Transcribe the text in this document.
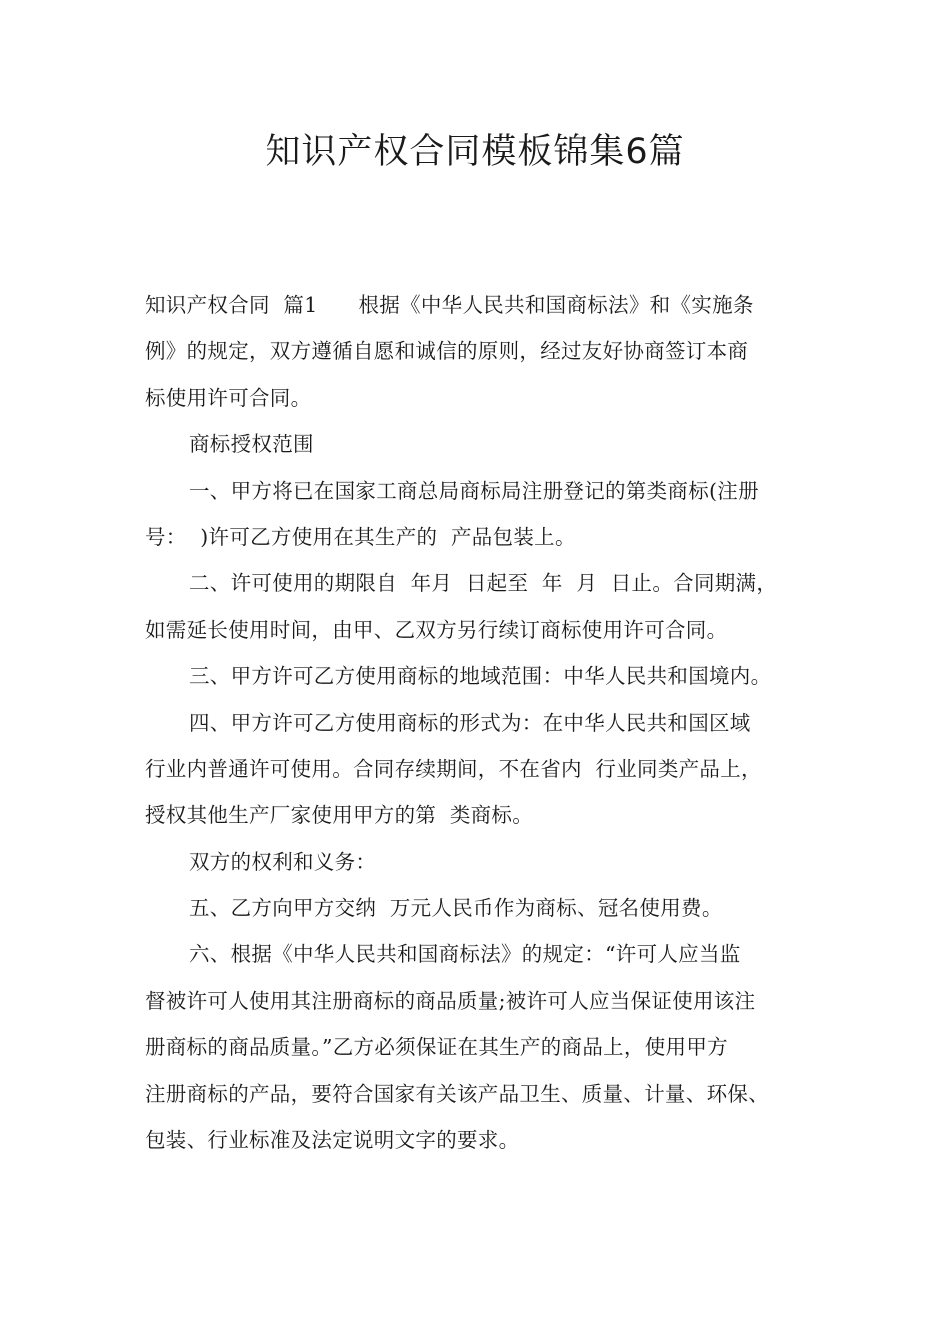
知识产权合同模板锦集6篇
知识产权合同  篇1      根据《中华人民共和国商标法》和《实施条
例》的规定，双方遵循自愿和诚信的原则，经过友好协商签订本商
标使用许可合同。
商标授权范围
一、甲方将已在国家工商总局商标局注册登记的第类商标(注册
号：  )许可乙方使用在其生产的  产品包装上。
二、许可使用的期限自  年月  日起至  年  月  日止。合同期满，
如需延长使用时间，由甲、乙双方另行续订商标使用许可合同。
三、甲方许可乙方使用商标的地域范围：中华人民共和国境内。
四、甲方许可乙方使用商标的形式为：在中华人民共和国区域
行业内普通许可使用。合同存续期间，不在省内  行业同类产品上，
授权其他生产厂家使用甲方的第  类商标。
双方的权利和义务：
五、乙方向甲方交纳  万元人民币作为商标、冠名使用费。
六、根据《中华人民共和国商标法》的规定：“许可人应当监
督被许可人使用其注册商标的商品质量;被许可人应当保证使用该注
册商标的商品质量。”乙方必须保证在其生产的商品上，使用甲方
注册商标的产品，要符合国家有关该产品卫生、质量、计量、环保、
包装、行业标准及法定说明文字的要求。
